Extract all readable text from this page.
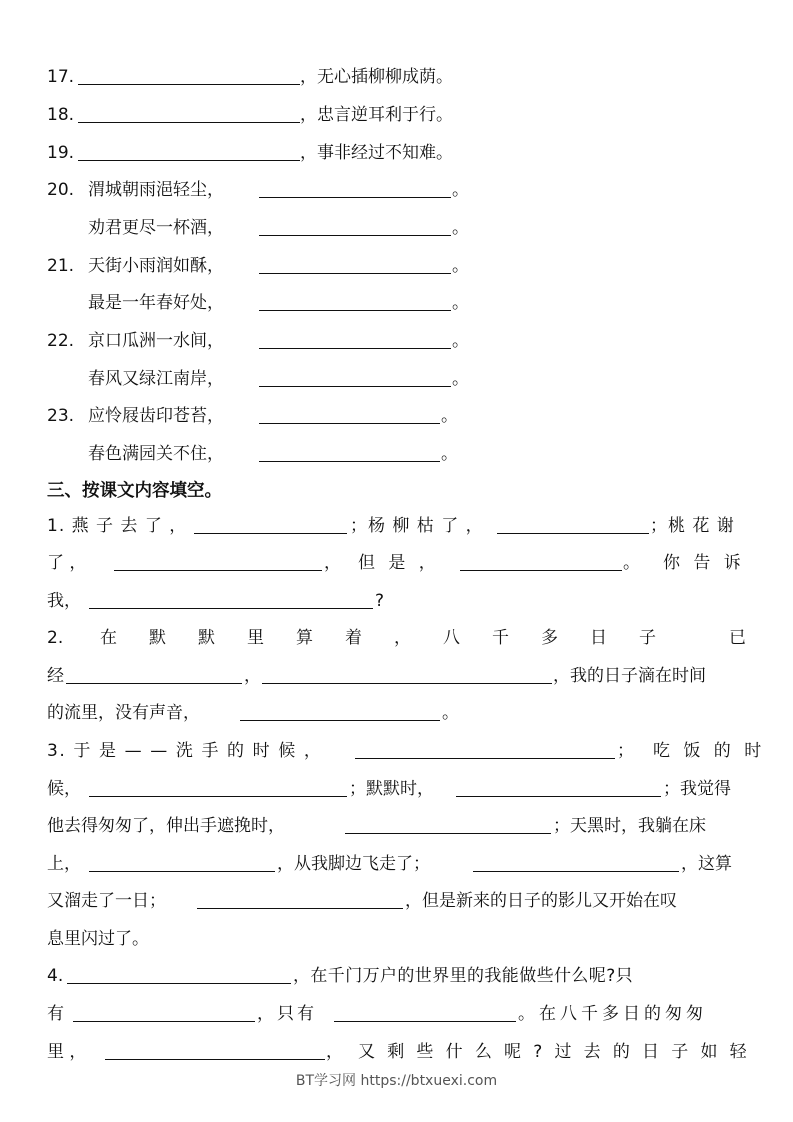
17.	，无心插柳柳成荫。
18.	，忠言逆耳利于行。
19.	，事非经过不知难。
20. 渭城朝雨浥轻尘，	。
劝君更尽一杯酒，	。
21. 天街小雨润如酥，	。
最是一年春好处，	。
22. 京口瓜洲一水间，	。
春风又绿江南岸，	。
23. 应怜屐齿印苍苔，	。
春色满园关不住，	。
三、按课文内容填空。
1. 燕 子 去 了 ，	；杨 柳 枯 了 ，	；桃 花 谢
了 ，	， 但 是 ，	。 你 告 诉
我，	?
2. 在 默 默 里 算 着 ， 八 千 多 日 子	已
经	，	，我的日子滴在时间
的流里，没有声音，	。
3. 于 是 — — 洗 手 的 时 候 ，	； 吃 饭 的 时
候，	；默默时，	；我觉得
他去得匆匆了，伸出手遮挽时，	；天黑时，我躺在床
上，	，从我脚边飞走了；	，这算
又溜走了一日；	，但是新来的日子的影儿又开始在叹
息里闪过了。
4.	，在千门万户的世界里的我能做些什么呢?只
有	，只有	。在八千多日的匆匆
里 ，	， 又 剩 些 什 么 呢 ? 过 去 的 日 子 如 轻
BT学习网 https://btxuexi.com
